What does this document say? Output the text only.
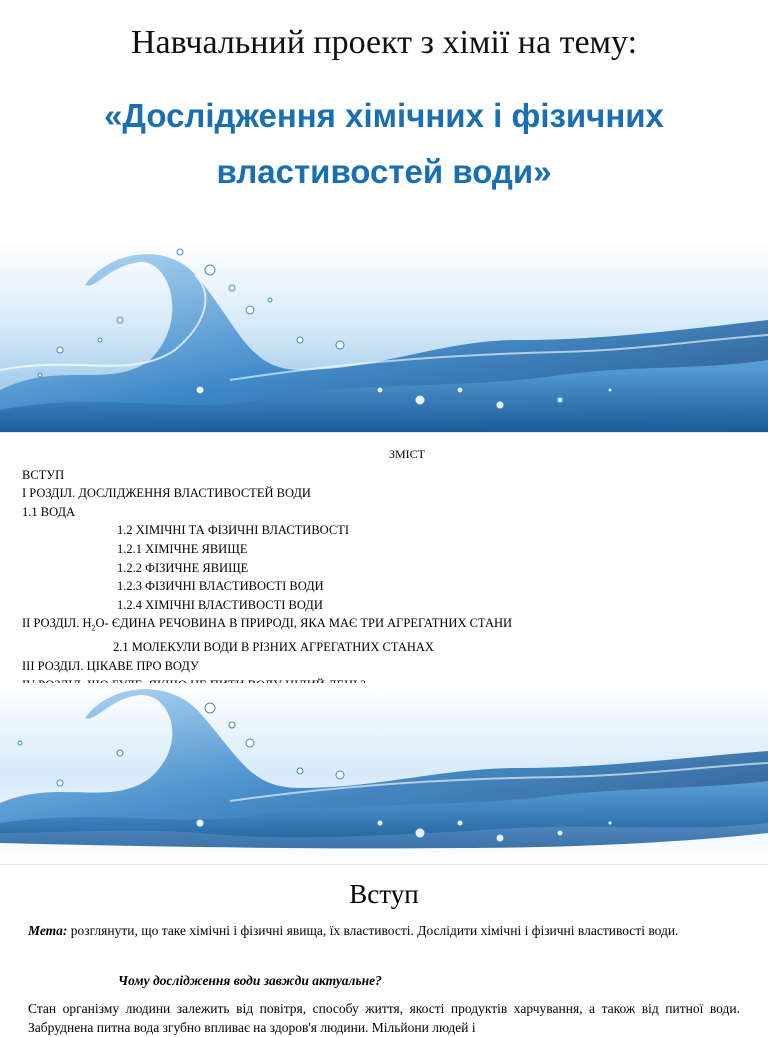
Навчальний проект з хімії на тему:
«Дослідження хімічних і фізичних
властивостей води»
ЗМІСТ
ВСТУП
І РОЗДІЛ. ДОСЛІДЖЕННЯ ВЛАСТИВОСТЕЙ ВОДИ
1.1 ВОДА
1.2 ХІМІЧНІ ТА ФІЗИЧНІ ВЛАСТИВОСТІ
1.2.1 ХІМІЧНЕ ЯВИЩЕ
1.2.2 ФІЗИЧНЕ ЯВИЩЕ
1.2.3 ФІЗИЧНІ ВЛАСТИВОСТІ ВОДИ
1.2.4 ХІМІЧНІ ВЛАСТИВОСТІ ВОДИ
ІІ РОЗДІЛ. $Н_2О-$ ЄДИНА РЕЧОВИНА В ПРИРОДІ, ЯКА МАЄ ТРИ АГРЕГАТНИХ СТАНИ
2.1 МОЛЕКУЛИ ВОДИ В РІЗНИХ АГРЕГАТНИХ СТАНАХ
ІІІ РОЗДІЛ. ЦІКАВЕ ПРО ВОДУ
Вступ
Мета: розглянути, що таке хімічні і фізичні явища, їх властивості. Дослідити хімічні і фізичні властивості води.
Чому дослідження води завжди актуальне?
Стан організму людини залежить від повітря, способу життя, якості продуктів харчування, а також від питної води. Забруднена питна вода згубно впливає на здоров'я людини. Мільйони людей і
